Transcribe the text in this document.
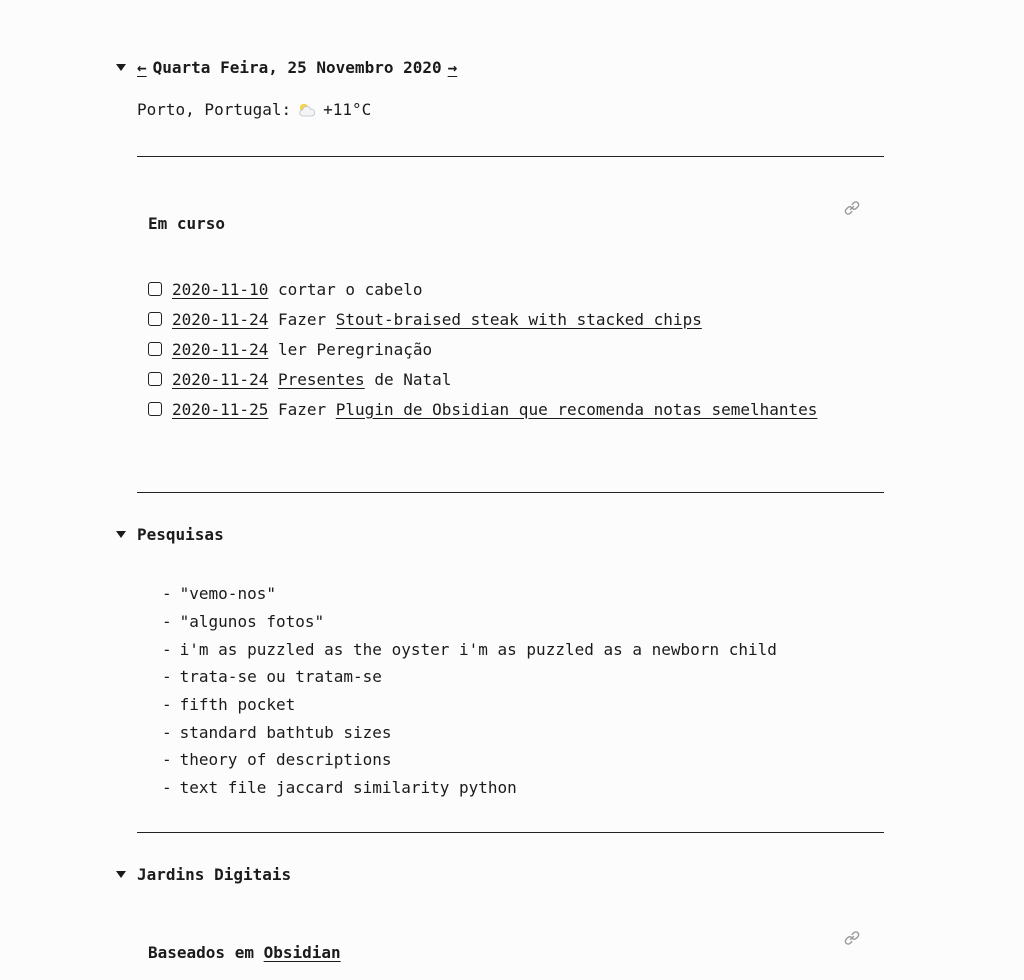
← Quarta Feira, 25 Novembro 2020 →
Porto, Portugal: +11°C
Em curso
2020-11-10
cortar o cabelo
2020-11-24
Fazer
Stout-braised steak with stacked chips
2020-11-24
ler Peregrinação
2020-11-24
Presentes
de Natal
2020-11-25
Fazer
Plugin de Obsidian que recomenda notas semelhantes
Pesquisas
- "vemo-nos"
- "algunos fotos"
- i'm as puzzled as the oyster i'm as puzzled as a newborn child
- trata-se ou tratam-se
- fifth pocket
- standard bathtub sizes
- theory of descriptions
- text file jaccard similarity python
Jardins Digitais
Baseados em Obsidian
